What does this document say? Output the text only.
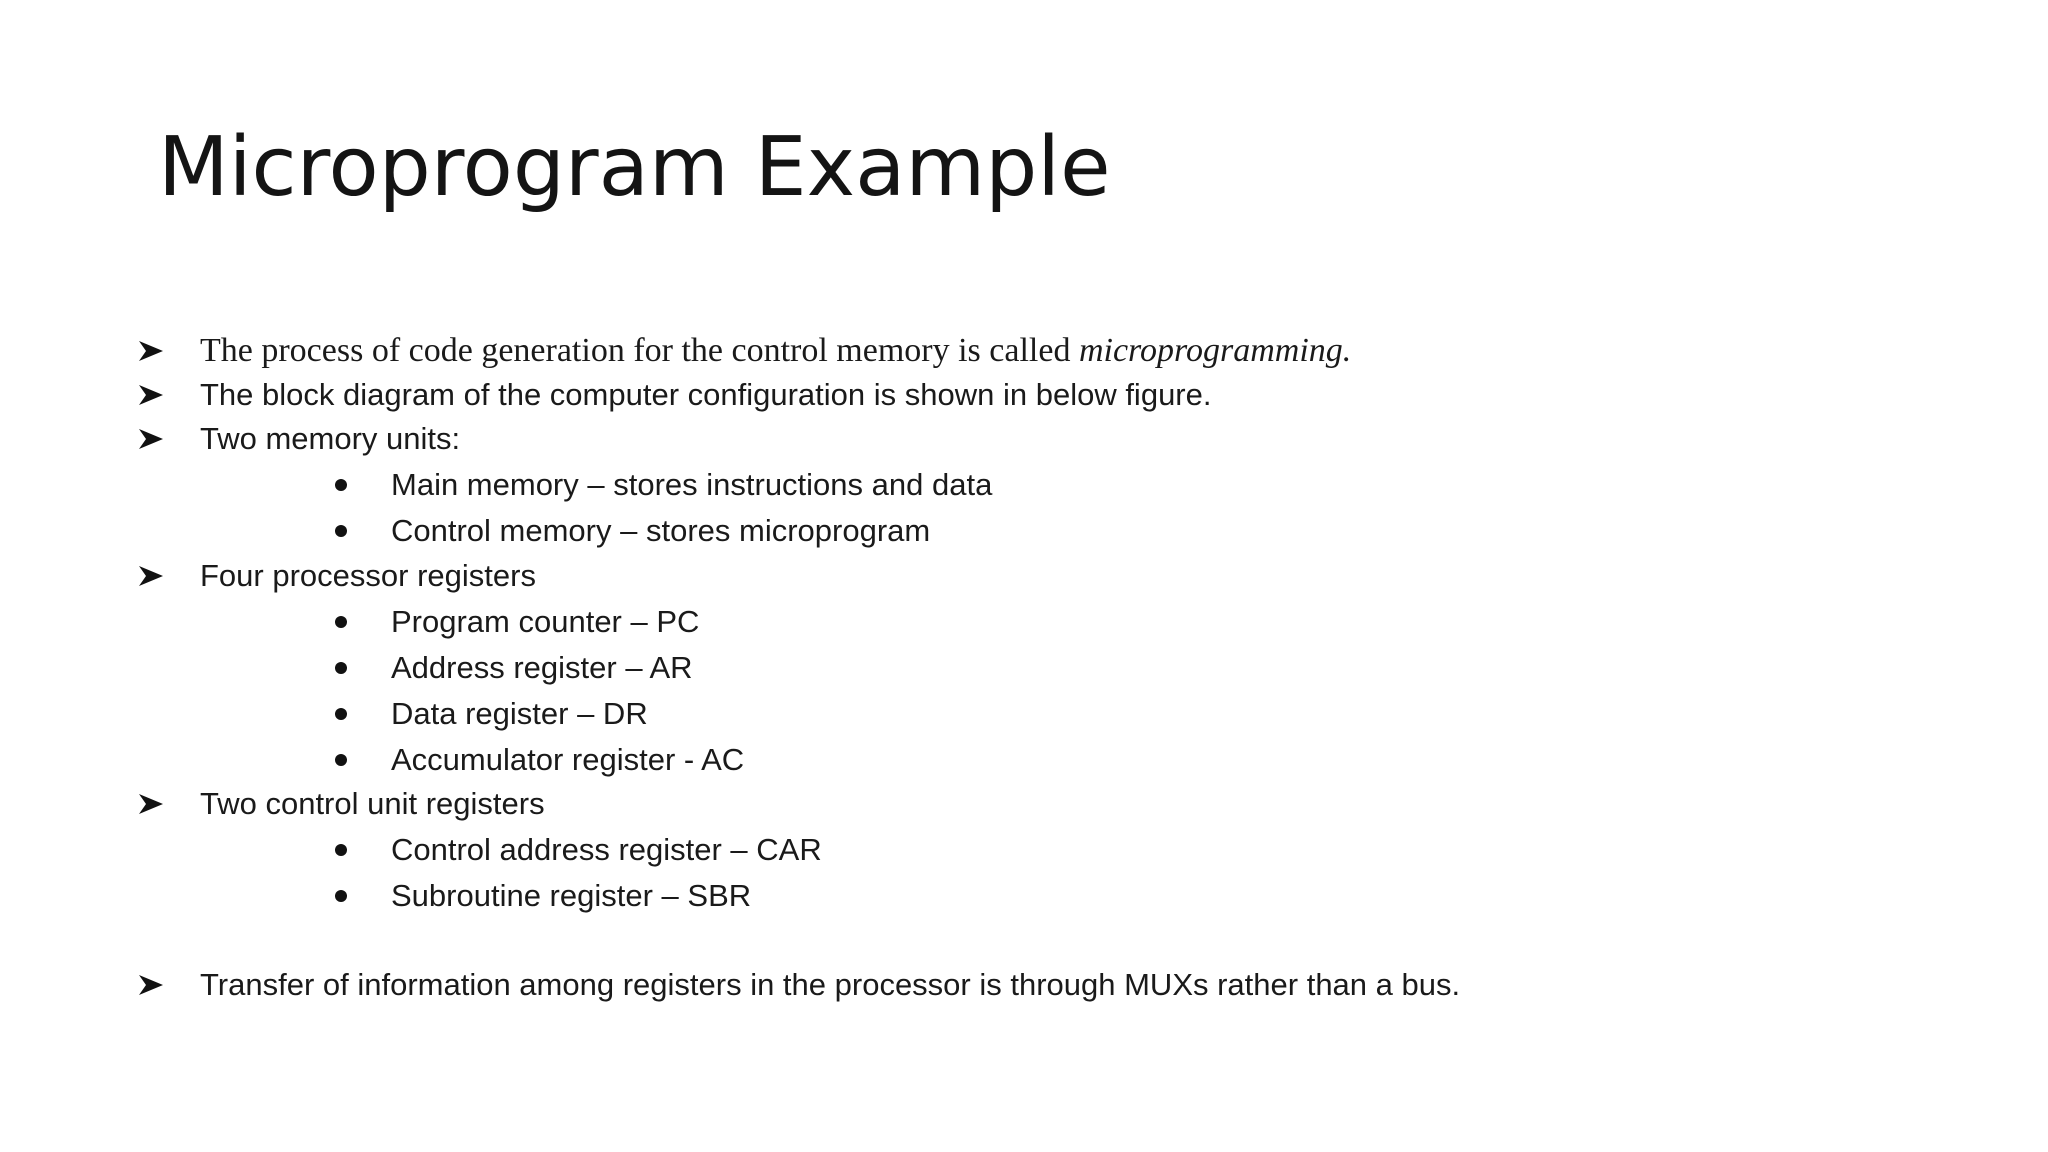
Microprogram Example
The process of code generation for the control memory is called microprogramming.
The block diagram of the computer configuration is shown in below figure.
Two memory units:
Main memory – stores instructions and data
Control memory – stores microprogram
Four processor registers
Program counter – PC
Address register – AR
Data register – DR
Accumulator register - AC
Two control unit registers
Control address register – CAR
Subroutine register – SBR
Transfer of information among registers in the processor is through MUXs rather than a bus.
